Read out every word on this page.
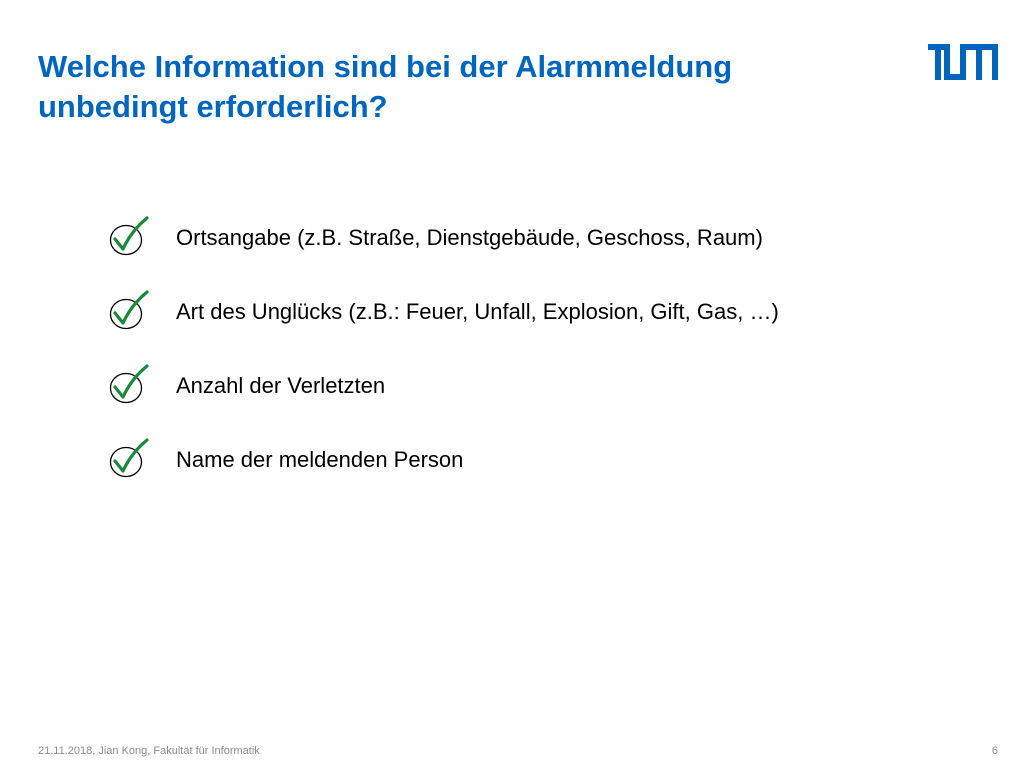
Welche Information sind bei der Alarmmeldung
unbedingt erforderlich?
Ortsangabe (z.B. Straße, Dienstgebäude, Geschoss, Raum)
Art des Unglücks (z.B.: Feuer, Unfall, Explosion, Gift, Gas, …)
Anzahl der Verletzten
Name der meldenden Person
21.11.2018, Jian Kong, Fakultät für Informatik	6
